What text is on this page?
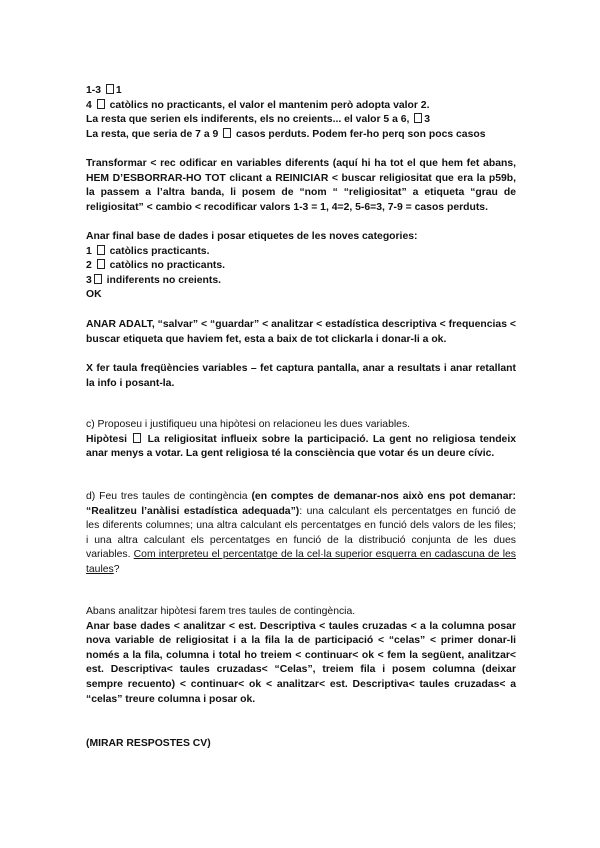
1-3 1
4 catòlics no practicants, el valor el mantenim però adopta valor 2.
La resta que serien els indiferents, els no creients... el valor 5 a 6, 3
La resta, que seria de 7 a 9 casos perduts. Podem fer-ho perq son pocs casos

Transformar < rec odificar en variables diferents (aquí hi ha tot el que hem fet abans, HEM D’ESBORRAR-HO TOT clicant a REINICIAR < buscar religiositat que era la p59b, la passem a l’altra banda, li posem de “nom “ “religiositat” a etiqueta “grau de religiositat” < cambio < recodificar valors 1-3 = 1, 4=2, 5-6=3, 7-9 = casos perduts.

Anar final base de dades i posar etiquetes de les noves categories:
1 catòlics practicants.
2 catòlics no practicants.
3 indiferents no creients.
OK

ANAR ADALT, “salvar” < “guardar” < analitzar < estadística descriptiva < frequencias < buscar etiqueta que haviem fet, esta a baix de tot clickarla i donar-li a ok.

X fer taula freqüències variables – fet captura pantalla, anar a resultats i anar retallant la info i posant-la.

c) Proposeu i justifiqueu una hipòtesi on relacioneu les dues variables.

Hipòtesi La religiositat influeix sobre la participació. La gent no religiosa tendeix anar menys a votar. La gent religiosa té la consciència que votar és un deure cívic.

d) Feu tres taules de contingència (en comptes de demanar-nos això ens pot demanar: “Realitzeu l’anàlisi estadística adequada”): una calculant els percentatges en funció de les diferents columnes; una altra calculant els percentatges en funció dels valors de les files; i una altra calculant els percentatges en funció de la distribució conjunta de les dues variables. Com interpreteu el percentatge de la cel·la superior esquerra en cadascuna de les taules?

Abans analitzar hipòtesi farem tres taules de contingència.

Anar base dades < analitzar < est. Descriptiva < taules cruzadas < a la columna posar nova variable de religiositat i a la fila la de participació < “celas” < primer donar-li només a la fila, columna i total ho treiem < continuar< ok < fem la següent, analitzar< est. Descriptiva< taules cruzadas< “Celas”, treiem fila i posem columna (deixar sempre recuento) < continuar< ok < analitzar< est. Descriptiva< taules cruzadas< a “celas” treure columna i posar ok.

(MIRAR RESPOSTES CV)
